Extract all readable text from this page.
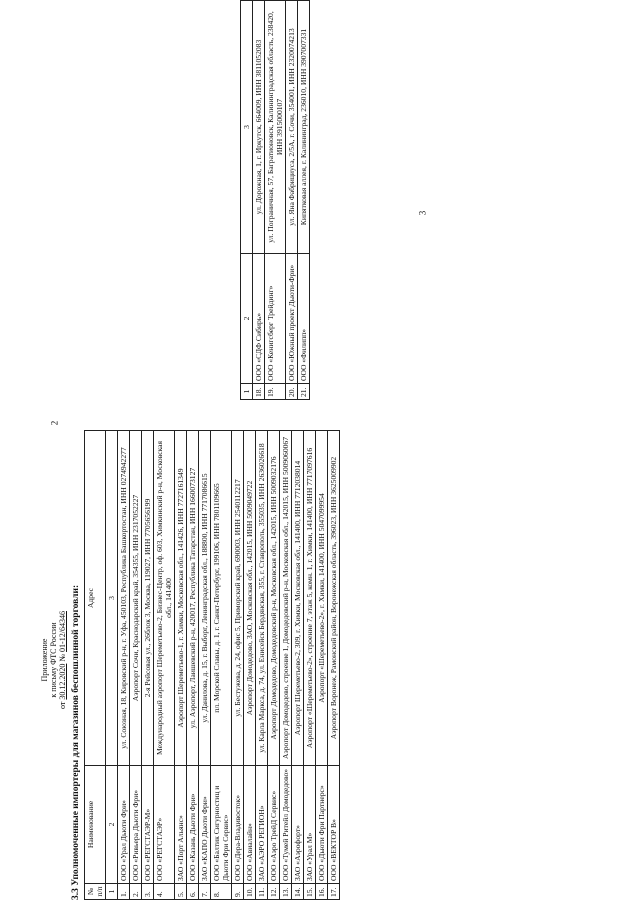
3
1	2	3
18.	ООО «СДФ Сибирь»	ул. Дорожная, 1, г. Иркутск, 664009, ИНН 3811052083
19.	ООО «Кенигсберг Трейдинг»	ул. Пограничная, 57, Багратионовск, Калининградская область, 238420, ИНН 3915000107
20.	ООО «Южный проект Дьюти-Фри»	ул. Яна Фабрициуса, 2/5А, г. Сочи, 354001, ИНН 2320074213
21.	ООО «Филипп»	Кипятковая аллея, г. Калининград, 236010, ИНН 3907007331
2
Приложение к письму ФТС России
от 30.12.2020 № 01-12/64346 3.3 Уполномоченные импортеры для магазинов беспошлинной торговли: № п/п	Наименование	Адрес
1	2	3
1.	ООО «Урал Дьюти Фри»	ул. Союзная, 18, Кировский р-н, г. Уфа, 450103, Республика Башкортостан, ИНН 0274942277
2.	ООО «Ривьера Дьюти Фри»	Аэропорт Сочи, Краснодарский край, 354355, ИНН 2317052227
3.	ООО «РЕГСТАЭР-М»	2-я Рейсовая ул., 26блок 3, Москва, 119027, ИНН 7705656199
4.	ООО «РЕГСТАЭР»	Международный аэропорт Шереметьево-2, Бизнес-Центр, оф. 603, Химкинский р-н, Московская обл., 141400
5.	ЗАО «Порт Альянс»	Аэропорт Шереметьево-1, г. Химки, Московская обл., 141426, ИНН 7727161349
6.	ООО «Казань Дьюти Фри»	ул. Аэропорт, Лаишевский р-н, 420017, Республика Татарстан, ИНН 1660073127
7.	ЗАО «КАПО Дьюти Фри»	ул. Данилова, д. 15, г. Выборг, Ленинградская обл., 188800, ИНН 7717086615
8.	ООО «Балтик Сигурностиц и Дьюти Фри Сервис»	пл. Морской Славы, д. 1, г. Санкт-Петербург, 199106, ИНН 7801109665
9.	ООО «Дера-Владивосток»	ул. Бестужева, д. 24, офис 5, Приморский край, 690003, ИНН 2540112217
10.	ООО «Авиалайн»	Аэропорт Домодедово, ЗАО, Московская обл., 142015, ИНН 5009049722
11.	ЗАО «АЭРО РЕГИОН»	ул. Карла Маркса, д. 74, ул. Енисейск Бердянская, 355, г. Ставрополь, 355035, ИНН 2636026618
12.	ООО «Аэро ТрейД Сервис»	Аэропорт Домодедово, Домодедовский р-н, Московская обл., 142015, ИНН 5009032176
13.	ООО «Тумей Ритейл Домодедово»	Аэропорт Домодедово, строение 1, Домодедовский р-н, Московская обл., 142015, ИНН 5009060067
14.	ЗАО «Аэрофорт»	Аэропорт Шереметьево-2, 309, г. Химки, Московская обл., 141400, ИНН 7712038014
15.	ЗАО «Урал М»	Аэропорт «Шереметьево-2», строение 7, этаж 5, комн. 1, г. Химки, 141400, ИНН 7717097616
16.	ООО «Дьюти Фри Партнерс»	Аэропорт «Шереметьево-2», г. Химки, 141400, ИНН 5047099954
17.	ООО «ВЕКТОР В»	Аэропорт Воронеж, Рамонский район, Воронежская область, 396023, ИНН 3625009902
